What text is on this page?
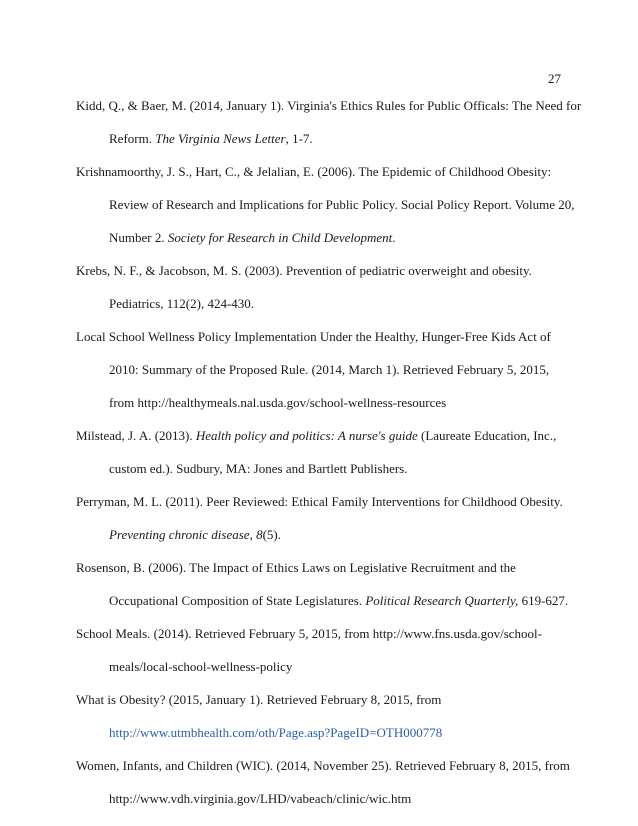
27
Kidd, Q., & Baer, M. (2014, January 1). Virginia's Ethics Rules for Public Officals: The Need for
Reform. The Virginia News Letter, 1-7.
Krishnamoorthy, J. S., Hart, C., & Jelalian, E. (2006). The Epidemic of Childhood Obesity:
Review of Research and Implications for Public Policy. Social Policy Report. Volume 20,
Number 2. Society for Research in Child Development.
Krebs, N. F., & Jacobson, M. S. (2003). Prevention of pediatric overweight and obesity.
Pediatrics, 112(2), 424-430.
Local School Wellness Policy Implementation Under the Healthy, Hunger-Free Kids Act of
2010: Summary of the Proposed Rule. (2014, March 1). Retrieved February 5, 2015,
from http://healthymeals.nal.usda.gov/school-wellness-resources
Milstead, J. A. (2013). Health policy and politics: A nurse's guide (Laureate Education, Inc.,
custom ed.). Sudbury, MA: Jones and Bartlett Publishers.
Perryman, M. L. (2011). Peer Reviewed: Ethical Family Interventions for Childhood Obesity.
Preventing chronic disease, 8(5).
Rosenson, B. (2006). The Impact of Ethics Laws on Legislative Recruitment and the
Occupational Composition of State Legislatures. Political Research Quarterly, 619-627.
School Meals. (2014). Retrieved February 5, 2015, from http://www.fns.usda.gov/school-
meals/local-school-wellness-policy
What is Obesity? (2015, January 1). Retrieved February 8, 2015, from
http://www.utmbhealth.com/oth/Page.asp?PageID=OTH000778
Women, Infants, and Children (WIC). (2014, November 25). Retrieved February 8, 2015, from
http://www.vdh.virginia.gov/LHD/vabeach/clinic/wic.htm
